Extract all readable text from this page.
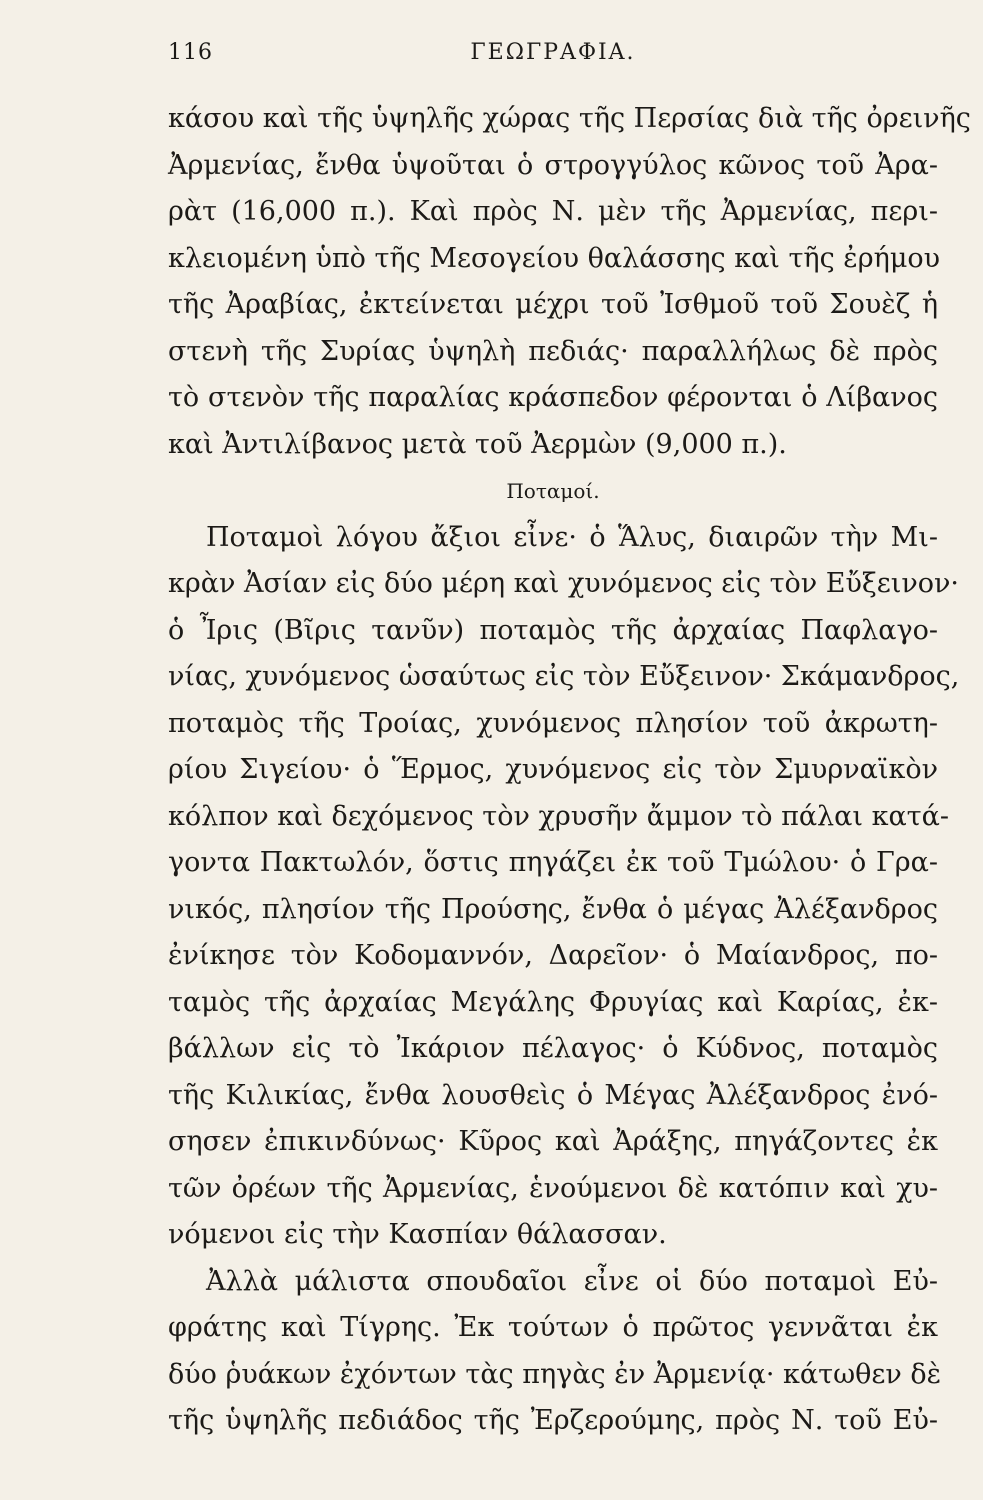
116	ΓΕΩΓΡΑΦΙΑ.
κάσου καὶ τῆς ὑψηλῆς χώρας τῆς Περσίας διὰ τῆς ὀρεινῆς
Ἀρμενίας, ἔνθα ὑψοῦται ὁ στρογγύλος κῶνος τοῦ Ἀρα-
ρὰτ (16,000 π.). Καὶ πρὸς Ν. μὲν τῆς Ἀρμενίας, περι-
κλειομένη ὑπὸ τῆς Μεσογείου θαλάσσης καὶ τῆς ἐρήμου
τῆς Ἀραβίας, ἐκτείνεται μέχρι τοῦ Ἰσθμοῦ τοῦ Σουὲζ ἡ
στενὴ τῆς Συρίας ὑψηλὴ πεδιάς· παραλλήλως δὲ πρὸς
τὸ στενὸν τῆς παραλίας κράσπεδον φέρονται ὁ Λίβανος
καὶ Ἀντιλίβανος μετὰ τοῦ Ἀερμὼν (9,000 π.).
Ποταμοί.
Ποταμοὶ λόγου ἄξιοι εἶνε· ὁ Ἅλυς, διαιρῶν τὴν Μι-
κρὰν Ἀσίαν εἰς δύο μέρη καὶ χυνόμενος εἰς τὸν Εὔξεινον·
ὁ Ἶρις (Βῖρις τανῦν) ποταμὸς τῆς ἀρχαίας Παφλαγο-
νίας, χυνόμενος ὡσαύτως εἰς τὸν Εὔξεινον· Σκάμανδρος,
ποταμὸς τῆς Τροίας, χυνόμενος πλησίον τοῦ ἀκρωτη-
ρίου Σιγείου· ὁ Ἕρμος, χυνόμενος εἰς τὸν Σμυρναϊκὸν
κόλπον καὶ δεχόμενος τὸν χρυσῆν ἄμμον τὸ πάλαι κατά-
γοντα Πακτωλόν, ὅστις πηγάζει ἐκ τοῦ Τμώλου· ὁ Γρα-
νικός, πλησίον τῆς Προύσης, ἔνθα ὁ μέγας Ἀλέξανδρος
ἐνίκησε τὸν Κοδομαννόν, Δαρεῖον· ὁ Μαίανδρος, πο-
ταμὸς τῆς ἀρχαίας Μεγάλης Φρυγίας καὶ Καρίας, ἐκ-
βάλλων εἰς τὸ Ἰκάριον πέλαγος· ὁ Κύδνος, ποταμὸς
τῆς Κιλικίας, ἔνθα λουσθεὶς ὁ Μέγας Ἀλέξανδρος ἐνό-
σησεν ἐπικινδύνως· Κῦρος καὶ Ἀράξης, πηγάζοντες ἐκ
τῶν ὀρέων τῆς Ἀρμενίας, ἑνούμενοι δὲ κατόπιν καὶ χυ-
νόμενοι εἰς τὴν Κασπίαν θάλασσαν.
Ἀλλὰ μάλιστα σπουδαῖοι εἶνε οἱ δύο ποταμοὶ Εὐ-
φράτης καὶ Τίγρης. Ἐκ τούτων ὁ πρῶτος γεννᾶται ἐκ
δύο ῥυάκων ἐχόντων τὰς πηγὰς ἐν Ἀρμενίᾳ· κάτωθεν δὲ
τῆς ὑψηλῆς πεδιάδος τῆς Ἐρζερούμης, πρὸς Ν. τοῦ Εὐ-
